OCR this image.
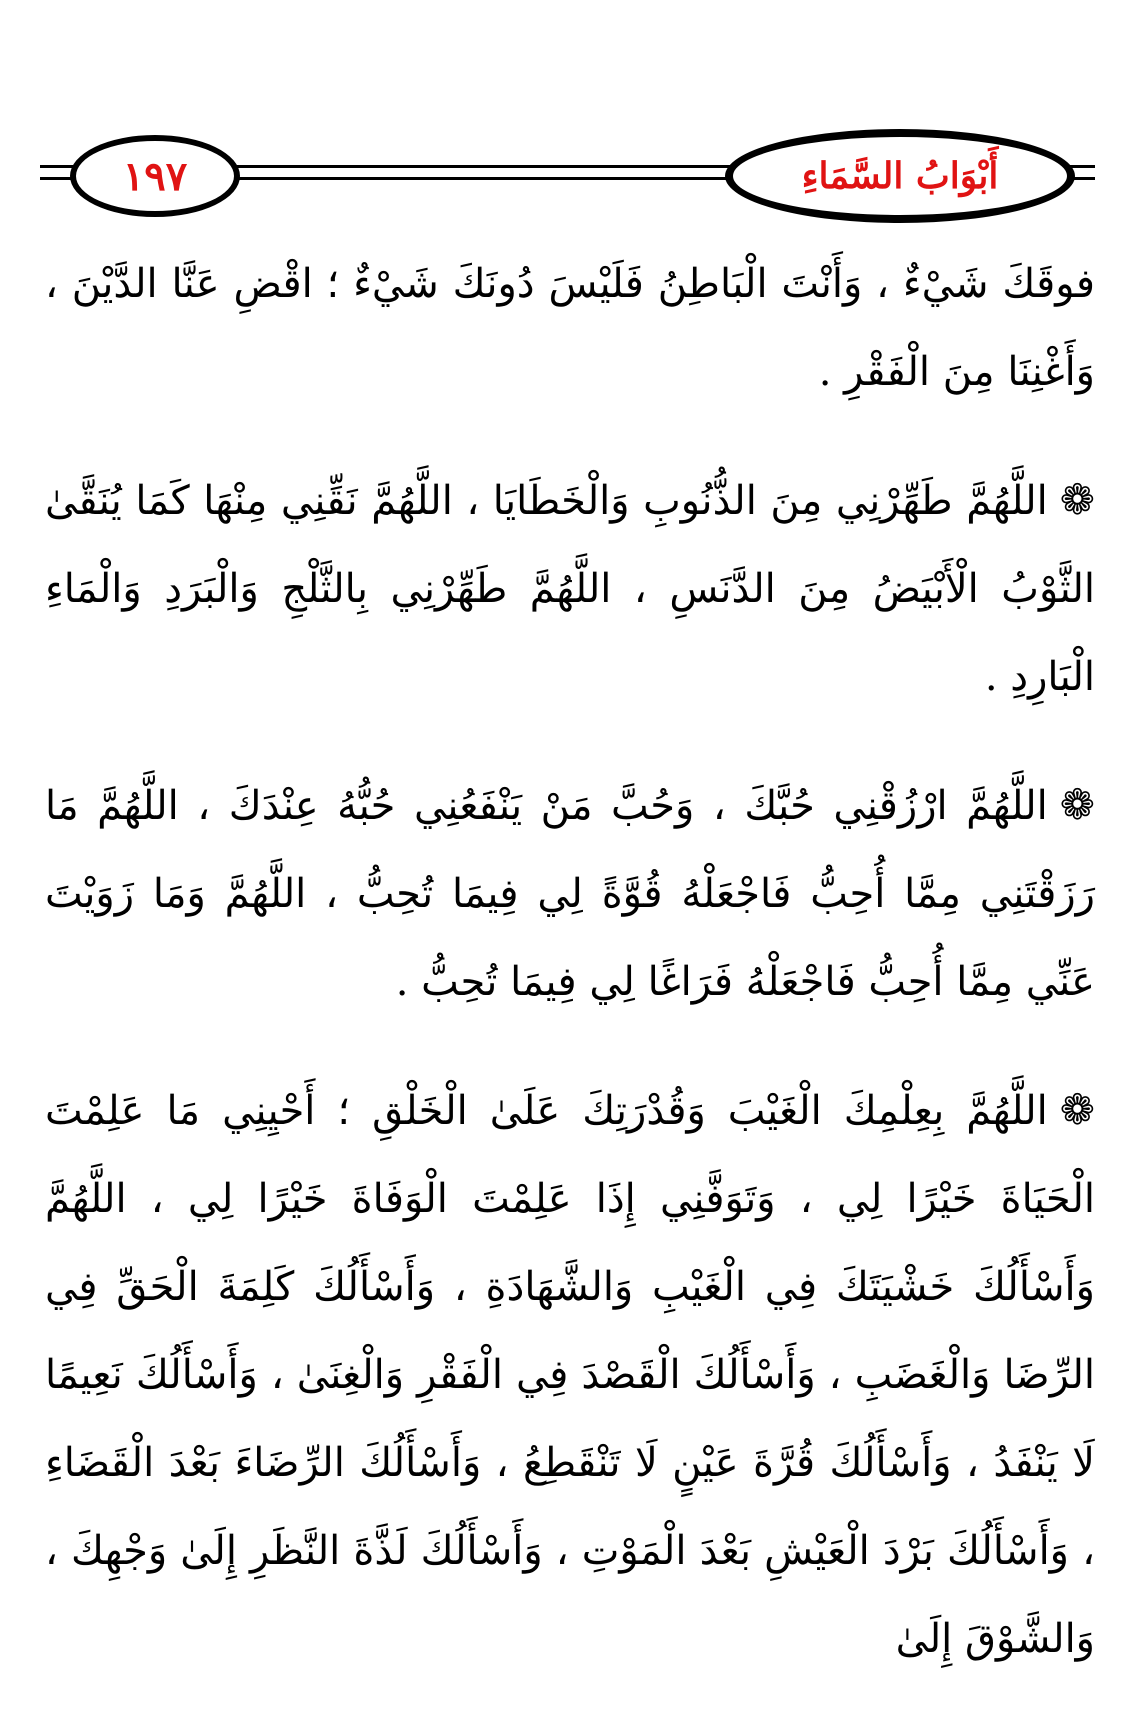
١٩٧	أَبْوَابُ السَّمَاءِ

فوقَكَ شَيْءٌ ، وَأَنْتَ الْبَاطِنُ فَلَيْسَ دُونَكَ شَيْءٌ ؛ اقْضِ عَنَّا الدَّيْنَ ، وَأَغْنِنَا مِنَ الْفَقْرِ .

❁اللَّهُمَّ طَهِّرْنِي مِنَ الذُّنُوبِ وَالْخَطَايَا ، اللَّهُمَّ نَقِّنِي مِنْهَا كَمَا يُنَقَّىٰ الثَّوْبُ الْأَبْيَضُ مِنَ الدَّنَسِ ، اللَّهُمَّ طَهِّرْنِي بِالثَّلْجِ وَالْبَرَدِ وَالْمَاءِ الْبَارِدِ .

❁اللَّهُمَّ ارْزُقْنِي حُبَّكَ ، وَحُبَّ مَنْ يَنْفَعُنِي حُبُّهُ عِنْدَكَ ، اللَّهُمَّ مَا رَزَقْتَنِي مِمَّا أُحِبُّ فَاجْعَلْهُ قُوَّةً لِي فِيمَا تُحِبُّ ، اللَّهُمَّ وَمَا زَوَيْتَ عَنِّي مِمَّا أُحِبُّ فَاجْعَلْهُ فَرَاغًا لِي فِيمَا تُحِبُّ .

❁اللَّهُمَّ بِعِلْمِكَ الْغَيْبَ وَقُدْرَتِكَ عَلَىٰ الْخَلْقِ ؛ أَحْيِنِي مَا عَلِمْتَ الْحَيَاةَ خَيْرًا لِي ، وَتَوَفَّنِي إِذَا عَلِمْتَ الْوَفَاةَ خَيْرًا لِي ، اللَّهُمَّ وَأَسْأَلُكَ خَشْيَتَكَ فِي الْغَيْبِ وَالشَّهَادَةِ ، وَأَسْأَلُكَ كَلِمَةَ الْحَقِّ فِي الرِّضَا وَالْغَضَبِ ، وَأَسْأَلُكَ الْقَصْدَ فِي الْفَقْرِ وَالْغِنَىٰ ، وَأَسْأَلُكَ نَعِيمًا لَا يَنْفَدُ ، وَأَسْأَلُكَ قُرَّةَ عَيْنٍ لَا تَنْقَطِعُ ، وَأَسْأَلُكَ الرِّضَاءَ بَعْدَ الْقَضَاءِ ، وَأَسْأَلُكَ بَرْدَ الْعَيْشِ بَعْدَ الْمَوْتِ ، وَأَسْأَلُكَ لَذَّةَ النَّظَرِ إِلَىٰ وَجْهِكَ ، وَالشَّوْقَ إِلَىٰ
